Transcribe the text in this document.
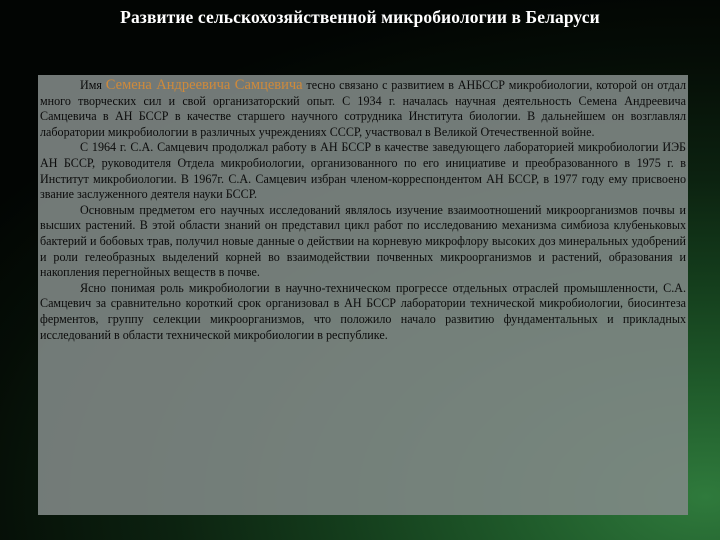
Развитие сельскохозяйственной микробиологии в Беларуси

Имя Семена Андреевича Самцевича тесно связано с развитием в АНБССР микробиологии, которой он отдал много творческих сил и свой организаторский опыт. С 1934 г. началась научная деятельность Семена Андреевича Самцевича в АН БССР в качестве старшего научного сотрудника Института биологии. В дальнейшем он возглавлял лаборатории микробиологии в различных учреждениях СССР, участвовал в Великой Отечественной войне.

С 1964 г. С.А. Самцевич продолжал работу в АН БССР в качестве заведующего лабораторией микробиологии ИЭБ АН БССР, руководителя Отдела микробиологии, организованного по его инициативе и преобразованного в 1975 г. в Институт микробиологии. В 1967г. С.А. Самцевич избран членом-корреспондентом АН БССР, в 1977 году ему присвоено звание заслуженного деятеля науки БССР.

Основным предметом его научных исследований являлось изучение взаимоотношений микроорганизмов почвы и высших растений. В этой области знаний он представил цикл работ по исследованию механизма симбиоза клубеньковых бактерий и бобовых трав, получил новые данные о действии на корневую микрофлору высоких доз минеральных удобрений и роли гелеобразных выделений корней во взаимодействии почвенных микроорганизмов и растений, образования и накопления перегнойных веществ в почве.

Ясно понимая роль микробиологии в научно-техническом прогрессе отдельных отраслей промышленности, С.А. Самцевич за сравнительно короткий срок организовал в АН БССР лаборатории технической микробиологии, биосинтеза ферментов, группу селекции микроорганизмов, что положило начало развитию фундаментальных и прикладных исследований в области технической микробиологии в республике.
